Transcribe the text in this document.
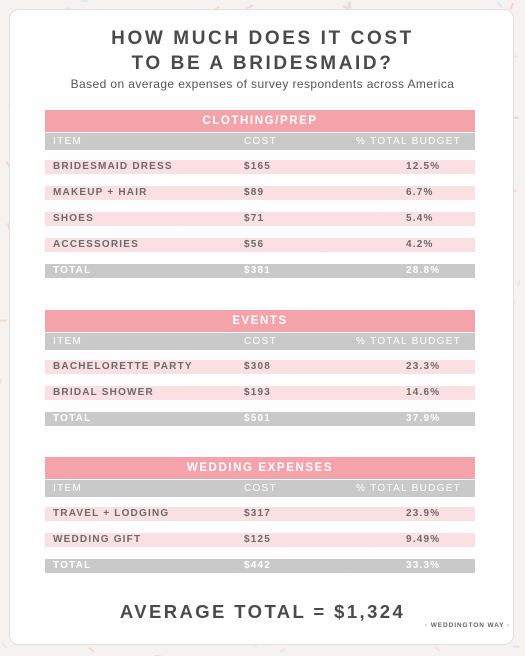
HOW MUCH DOES IT COST
TO BE A BRIDESMAID?
Based on average expenses of survey respondents across America
CLOTHING/PREP
ITEM	COST	% TOTAL BUDGET
BRIDESMAID DRESS	$165	12.5%
MAKEUP + HAIR	$89	6.7%
SHOES	$71	5.4%
ACCESSORIES	$56	4.2%
TOTAL	$381	28.8%
EVENTS
ITEM	COST	% TOTAL BUDGET
BACHELORETTE PARTY	$308	23.3%
BRIDAL SHOWER	$193	14.6%
TOTAL	$501	37.9%
WEDDING EXPENSES
ITEM	COST	% TOTAL BUDGET
TRAVEL + LODGING	$317	23.9%
WEDDING GIFT	$125	9.49%
TOTAL	$442	33.3%
AVERAGE TOTAL = $1,324
· WEDDINGTON WAY ·
